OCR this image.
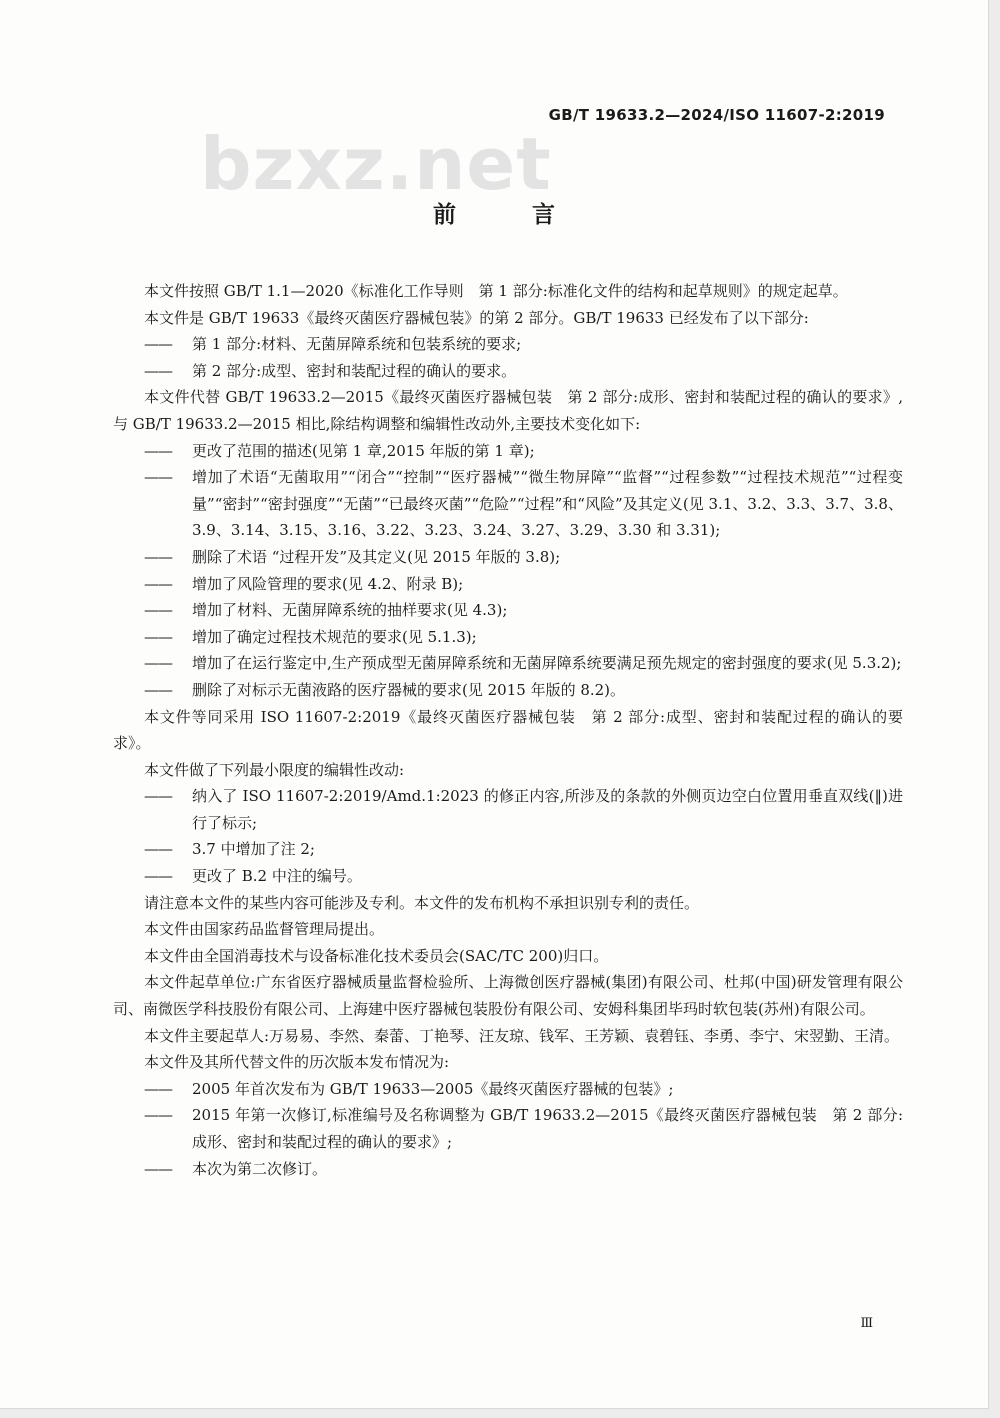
GB/T 19633.2—2024/ISO 11607-2:2019
bzxz.net
前 言

本文件按照 GB/T 1.1—2020《标准化工作导则　第 1 部分:标准化文件的结构和起草规则》的规定起草。

本文件是 GB/T 19633《最终灭菌医疗器械包装》的第 2 部分。GB/T 19633 已经发布了以下部分:

——	第 1 部分:材料、无菌屏障系统和包装系统的要求;
——	第 2 部分:成型、密封和装配过程的确认的要求。

本文件代替 GB/T 19633.2—2015《最终灭菌医疗器械包装　第 2 部分:成形、密封和装配过程的确认的要求》,与 GB/T 19633.2—2015 相比,除结构调整和编辑性改动外,主要技术变化如下:

——	更改了范围的描述(见第 1 章,2015 年版的第 1 章);
——	增加了术语“无菌取用”“闭合”“控制”“医疗器械”“微生物屏障”“监督”“过程参数”“过程技术规范”“过程变量”“密封”“密封强度”“无菌”“已最终灭菌”“危险”“过程”和“风险”及其定义(见 3.1、3.2、3.3、3.7、3.8、3.9、3.14、3.15、3.16、3.22、3.23、3.24、3.27、3.29、3.30 和 3.31);
——	删除了术语 “过程开发”及其定义(见 2015 年版的 3.8);
——	增加了风险管理的要求(见 4.2、附录 B);
——	增加了材料、无菌屏障系统的抽样要求(见 4.3);
——	增加了确定过程技术规范的要求(见 5.1.3);
——	增加了在运行鉴定中,生产预成型无菌屏障系统和无菌屏障系统要满足预先规定的密封强度的要求(见 5.3.2);
——	删除了对标示无菌液路的医疗器械的要求(见 2015 年版的 8.2)。

本文件等同采用 ISO 11607-2:2019《最终灭菌医疗器械包装　第 2 部分:成型、密封和装配过程的确认的要求》。

本文件做了下列最小限度的编辑性改动:

——	纳入了 ISO 11607-2:2019/Amd.1:2023 的修正内容,所涉及的条款的外侧页边空白位置用垂直双线(‖)进行了标示;
——	3.7 中增加了注 2;
——	更改了 B.2 中注的编号。

请注意本文件的某些内容可能涉及专利。本文件的发布机构不承担识别专利的责任。

本文件由国家药品监督管理局提出。

本文件由全国消毒技术与设备标准化技术委员会(SAC/TC 200)归口。

本文件起草单位:广东省医疗器械质量监督检验所、上海微创医疗器械(集团)有限公司、杜邦(中国)研发管理有限公司、南微医学科技股份有限公司、上海建中医疗器械包装股份有限公司、安姆科集团毕玛时软包装(苏州)有限公司。

本文件主要起草人:万易易、李然、秦蕾、丁艳琴、汪友琼、钱军、王芳颖、袁碧钰、李勇、李宁、宋翌勤、王清。

本文件及其所代替文件的历次版本发布情况为:

——	2005 年首次发布为 GB/T 19633—2005《最终灭菌医疗器械的包装》;
——	2015 年第一次修订,标准编号及名称调整为 GB/T 19633.2—2015《最终灭菌医疗器械包装　第 2 部分:成形、密封和装配过程的确认的要求》;
——	本次为第二次修订。
Ⅲ
